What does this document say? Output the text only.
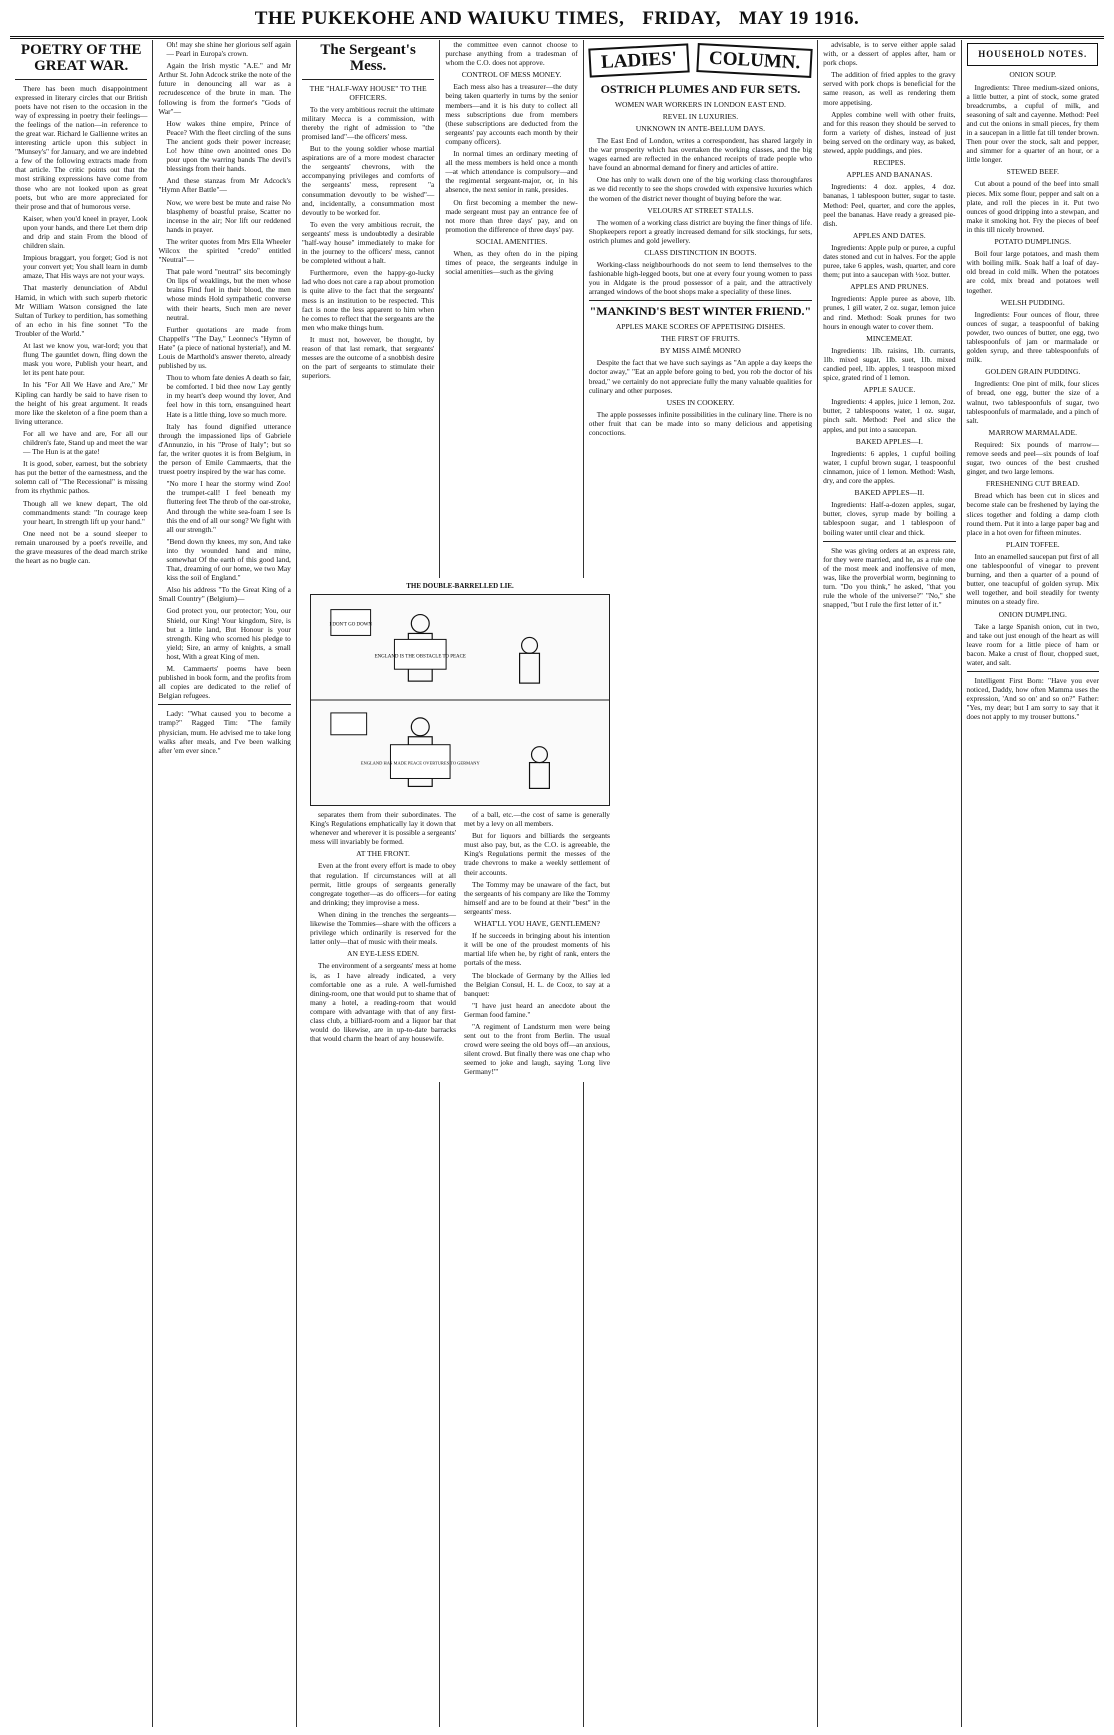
THE PUKEKOHE AND WAIUKU TIMES, FRIDAY, MAY 19 1916.
POETRY OF THE GREAT WAR.

There has been much disappointment expressed in literary circles that our British poets have not risen to the occasion in the way of expressing in poetry their feelings—the feelings of the nation—in reference to the great war. Richard le Gallienne writes an interesting article upon this subject in "Munsey's" for January, and we are indebted a few of the following extracts made from that article. The critic points out that the most striking expressions have come from those who are not looked upon as great poets, but who are more appreciated for their prose and that of humorous verse.

Kaiser, when you'd kneel in prayer, Look upon your hands, and there Let them drip and drip and stain From the blood of children slain.

Impious braggart, you forget; God is not your convert yet; You shall learn in dumb amaze, That His ways are not your ways.

That masterly denunciation of Abdul Hamid, in which with such superb rhetoric Mr William Watson consigned the late Sultan of Turkey to perdition, has something of an echo in his fine sonnet "To the Troubler of the World."

At last we know you, war-lord; you that flung The gauntlet down, fling down the mask you wore, Publish your heart, and let its pent hate pour.

In his "For All We Have and Are," Mr Kipling can hardly be said to have risen to the height of his great argument. It reads more like the skeleton of a fine poem than a living utterance.

For all we have and are, For all our children's fate, Stand up and meet the war— The Hun is at the gate!

It is good, sober, earnest, but the sobriety has put the better of the earnestness, and the solemn call of "The Recessional" is missing from its rhythmic pathos.

Though all we knew depart, The old commandments stand: "In courage keep your heart, In strength lift up your hand."

One need not be a sound sleeper to remain unaroused by a poet's reveille, and the grave measures of the dead march strike the heart as no bugle can.

Oh! may she shine her glorious self again— Pearl in Europa's crown.

Again the Irish mystic "A.E." and Mr Arthur St. John Adcock strike the note of the future in denouncing all war as a recrudescence of the brute in man. The following is from the former's "Gods of War"—

How wakes thine empire, Prince of Peace? With the fleet circling of the suns The ancient gods their power increase; Lo! how thine own anointed ones Do pour upon the warring bands The devil's blessings from their hands.

And these stanzas from Mr Adcock's "Hymn After Battle"—

Now, we were best be mute and raise No blasphemy of boastful praise, Scatter no incense in the air; Nor lift our reddened hands in prayer.

The writer quotes from Mrs Ella Wheeler Wilcox the spirited "credo" entitled "Neutral"—

That pale word "neutral" sits becomingly On lips of weaklings, but the men whose brains Find fuel in their blood, the men whose minds Hold sympathetic converse with their hearts, Such men are never neutral.

Further quotations are made from Chappell's "The Day," Leonnec's "Hymn of Hate" (a piece of national hysteria!), and M. Louis de Marthold's answer thereto, already published by us.

Thou to whom fate denies A death so fair, be comforted. I bid thee now Lay gently in my heart's deep wound thy lover, And feel how in this torn, ensanguined heart Hate is a little thing, love so much more.

Italy has found dignified utterance through the impassioned lips of Gabriele d'Annunzio, in his "Prose of Italy"; but so far, the writer quotes it is from Belgium, in the person of Emile Cammaerts, that the truest poetry inspired by the war has come.

"No more I hear the stormy wind Zoo! the trumpet-call! I feel beneath my fluttering feet The throb of the oar-stroke, And through the white sea-foam I see Is this the end of all our song? We fight with all our strength."

"Bend down thy knees, my son, And take into thy wounded hand and mine, somewhat Of the earth of this good land, That, dreaming of our home, we two May kiss the soil of England."

Also his address "To the Great King of a Small Country" (Belgium)—

God protect you, our protector; You, our Shield, our King! Your kingdom, Sire, is but a little land, But Honour is your strength. King who scorned his pledge to yield; Sire, an army of knights, a small host, With a great King of men.

M. Cammaerts' poems have been published in book form, and the profits from all copies are dedicated to the relief of Belgian refugees.

Lady: "What caused you to become a tramp?" Ragged Tim: "The family physician, mum. He advised me to take long walks after meals, and I've been walking after 'em ever since."

The Sergeant's Mess.
THE "HALF-WAY HOUSE" TO THE OFFICERS.

To the very ambitious recruit the ultimate military Mecca is a commission, with thereby the right of admission to "the promised land"—the officers' mess.

But to the young soldier whose martial aspirations are of a more modest character the sergeants' chevrons, with the accompanying privileges and comforts of the sergeants' mess, represent "a consummation devoutly to be wished"—and, incidentally, a consummation most devoutly to be worked for.

To even the very ambitious recruit, the sergeants' mess is undoubtedly a desirable "half-way house" immediately to make for in the journey to the officers' mess, cannot be completed without a halt.

Furthermore, even the happy-go-lucky lad who does not care a rap about promotion is quite alive to the fact that the sergeants' mess is an institution to be respected. This fact is none the less apparent to him when he comes to reflect that the sergeants are the men who make things hum.

It must not, however, be thought, by reason of that last remark, that sergeants' messes are the outcome of a snobbish desire on the part of sergeants to stimulate their superiors.

the committee even cannot choose to purchase anything from a tradesman of whom the C.O. does not approve.

CONTROL OF MESS MONEY.

Each mess also has a treasurer—the duty being taken quarterly in turns by the senior members—and it is his duty to collect all mess subscriptions due from members (these subscriptions are deducted from the sergeants' pay accounts each month by their company officers).

In normal times an ordinary meeting of all the mess members is held once a month—at which attendance is compulsory—and the regimental sergeant-major, or, in his absence, the next senior in rank, presides.

On first becoming a member the new-made sergeant must pay an entrance fee of not more than three days' pay, and on promotion the difference of three days' pay.

SOCIAL AMENITIES.

When, as they often do in the piping times of peace, the sergeants indulge in social amenities—such as the giving

LADIES'	COLUMN.
OSTRICH PLUMES AND FUR SETS.
WOMEN WAR WORKERS IN LONDON EAST END.
REVEL IN LUXURIES.
UNKNOWN IN ANTE-BELLUM DAYS.

The East End of London, writes a correspondent, has shared largely in the war prosperity which has overtaken the working classes, and the big wages earned are reflected in the enhanced receipts of trade people who have found an abnormal demand for finery and articles of attire.

One has only to walk down one of the big working class thoroughfares as we did recently to see the shops crowded with expensive luxuries which the women of the district never thought of buying before the war.

VELOURS AT STREET STALLS.

The women of a working class district are buying the finer things of life. Shopkeepers report a greatly increased demand for silk stockings, fur sets, ostrich plumes and gold jewellery.

CLASS DISTINCTION IN BOOTS.

Working-class neighbourhoods do not seem to lend themselves to the fashionable high-legged boots, but one at every four young women to pass you in Aldgate is the proud possessor of a pair, and the attractively arranged windows of the boot shops make a speciality of these lines.

"MANKIND'S BEST WINTER FRIEND."
APPLES MAKE SCORES OF APPETISING DISHES.
THE FIRST OF FRUITS.
BY MISS AIMÉ MONRO

Despite the fact that we have such sayings as "An apple a day keeps the doctor away," "Eat an apple before going to bed, you rob the doctor of his bread," we certainly do not appreciate fully the many valuable qualities for culinary and other purposes.

USES IN COOKERY.

The apple possesses infinite possibilities in the culinary line. There is no other fruit that can be made into so many delicious and appetising concoctions.

advisable, is to serve either apple salad with, or a dessert of apples after, ham or pork chops.

The addition of fried apples to the gravy served with pork chops is beneficial for the same reason, as well as rendering them more appetising.

Apples combine well with other fruits, and for this reason they should be served to form a variety of dishes, instead of just being served on the ordinary way, as baked, stewed, apple puddings, and pies.

RECIPES.
APPLES AND BANANAS.

Ingredients: 4 doz. apples, 4 doz. bananas, 1 tablespoon butter, sugar to taste. Method: Peel, quarter, and core the apples, peel the bananas. Have ready a greased pie-dish.

APPLES AND DATES.

Ingredients: Apple pulp or puree, a cupful dates stoned and cut in halves. For the apple puree, take 6 apples, wash, quarter, and core them; put into a saucepan with ½oz. butter.

APPLES AND PRUNES.

Ingredients: Apple puree as above, 1lb. prunes, 1 gill water, 2 oz. sugar, lemon juice and rind. Method: Soak prunes for two hours in enough water to cover them.

MINCEMEAT.

Ingredients: 1lb. raisins, 1lb. currants, 1lb. mixed sugar, 1lb. suet, 1lb. mixed candied peel, 1lb. apples, 1 teaspoon mixed spice, grated rind of 1 lemon.

APPLE SAUCE.

Ingredients: 4 apples, juice 1 lemon, 2oz. butter, 2 tablespoons water, 1 oz. sugar, pinch salt. Method: Peel and slice the apples, and put into a saucepan.

BAKED APPLES—I.

Ingredients: 6 apples, 1 cupful boiling water, 1 cupful brown sugar, 1 teaspoonful cinnamon, juice of 1 lemon. Method: Wash, dry, and core the apples.

BAKED APPLES—II.

Ingredients: Half-a-dozen apples, sugar, butter, cloves, syrup made by boiling a tablespoon sugar, and 1 tablespoon of boiling water until clear and thick.

She was giving orders at an express rate, for they were married, and he, as a rule one of the most meek and inoffensive of men, was, like the proverbial worm, beginning to turn. "Do you think," he asked, "that you rule the whole of the universe?" "No," she snapped, "but I rule the first letter of it."

HOUSEHOLD NOTES.
ONION SOUP.

Ingredients: Three medium-sized onions, a little butter, a pint of stock, some grated breadcrumbs, a cupful of milk, and seasoning of salt and cayenne. Method: Peel and cut the onions in small pieces, fry them in a saucepan in a little fat till tender brown. Then pour over the stock, salt and pepper, and simmer for a quarter of an hour, or a little longer.

STEWED BEEF.

Cut about a pound of the beef into small pieces. Mix some flour, pepper and salt on a plate, and roll the pieces in it. Put two ounces of good dripping into a stewpan, and make it smoking hot. Fry the pieces of beef in this till nicely browned.

POTATO DUMPLINGS.

Boil four large potatoes, and mash them with boiling milk. Soak half a loaf of day-old bread in cold milk. When the potatoes are cold, mix bread and potatoes well together.

WELSH PUDDING.

Ingredients: Four ounces of flour, three ounces of sugar, a teaspoonful of baking powder, two ounces of butter, one egg, two tablespoonfuls of jam or marmalade or golden syrup, and three tablespoonfuls of milk.

GOLDEN GRAIN PUDDING.

Ingredients: One pint of milk, four slices of bread, one egg, butter the size of a walnut, two tablespoonfuls of sugar, two tablespoonfuls of marmalade, and a pinch of salt.

MARROW MARMALADE.

Required: Six pounds of marrow—remove seeds and peel—six pounds of loaf sugar, two ounces of the best crushed ginger, and two large lemons.

FRESHENING CUT BREAD.

Bread which has been cut in slices and become stale can be freshened by laying the slices together and folding a damp cloth round them. Put it into a large paper bag and place in a hot oven for fifteen minutes.

PLAIN TOFFEE.

Into an enamelled saucepan put first of all one tablespoonful of vinegar to prevent burning, and then a quarter of a pound of butter, one teacupful of golden syrup. Mix well together, and boil steadily for twenty minutes on a steady fire.

ONION DUMPLING.

Take a large Spanish onion, cut in two, and take out just enough of the heart as will leave room for a little piece of ham or bacon. Make a crust of flour, chopped suet, water, and salt.

Intelligent First Born: "Have you ever noticed, Daddy, how often Mamma uses the expression, 'And so on' and so on?" Father: "Yes, my dear; but I am sorry to say that it does not apply to my trouser buttons."

THE DOUBLE-BARRELLED LIE.
I DON'T GO DOWN
ENGLAND IS THE OBSTACLE TO PEACE
ENGLAND HAS MADE PEACE OVERTURES TO GERMANY

separates them from their subordinates. The King's Regulations emphatically lay it down that whenever and wherever it is possible a sergeants' mess will invariably be formed.

AT THE FRONT.

Even at the front every effort is made to obey that regulation. If circumstances will at all permit, little groups of sergeants generally congregate together—as do officers—for eating and drinking; they improvise a mess.

When dining in the trenches the sergeants—likewise the Tommies—share with the officers a privilege which ordinarily is reserved for the latter only—that of music with their meals.

AN EYE-LESS EDEN.

The environment of a sergeants' mess at home is, as I have already indicated, a very comfortable one as a rule. A well-furnished dining-room, one that would put to shame that of many a hotel, a reading-room that would compare with advantage with that of any first-class club, a billiard-room and a liquor bar that would do likewise, are in up-to-date barracks that would charm the heart of any housewife.

of a ball, etc.—the cost of same is generally met by a levy on all members.

But for liquors and billiards the sergeants must also pay, but, as the C.O. is agreeable, the King's Regulations permit the messes of the trade chevrons to make a weekly settlement of their accounts.

The Tommy may be unaware of the fact, but the sergeants of his company are like the Tommy himself and are to be found at their "best" in the sergeants' mess.

WHAT'LL YOU HAVE, GENTLEMEN?

If he succeeds in bringing about his intention it will be one of the proudest moments of his martial life when he, by right of rank, enters the portals of the mess.

The blockade of Germany by the Allies led the Belgian Consul, H. L. de Cooz, to say at a banquet:

"I have just heard an anecdote about the German food famine."

"A regiment of Landsturm men were being sent out to the front from Berlin. The usual crowd were seeing the old boys off—an anxious, silent crowd. But finally there was one chap who seemed to joke and laugh, saying 'Long live Germany!'"
